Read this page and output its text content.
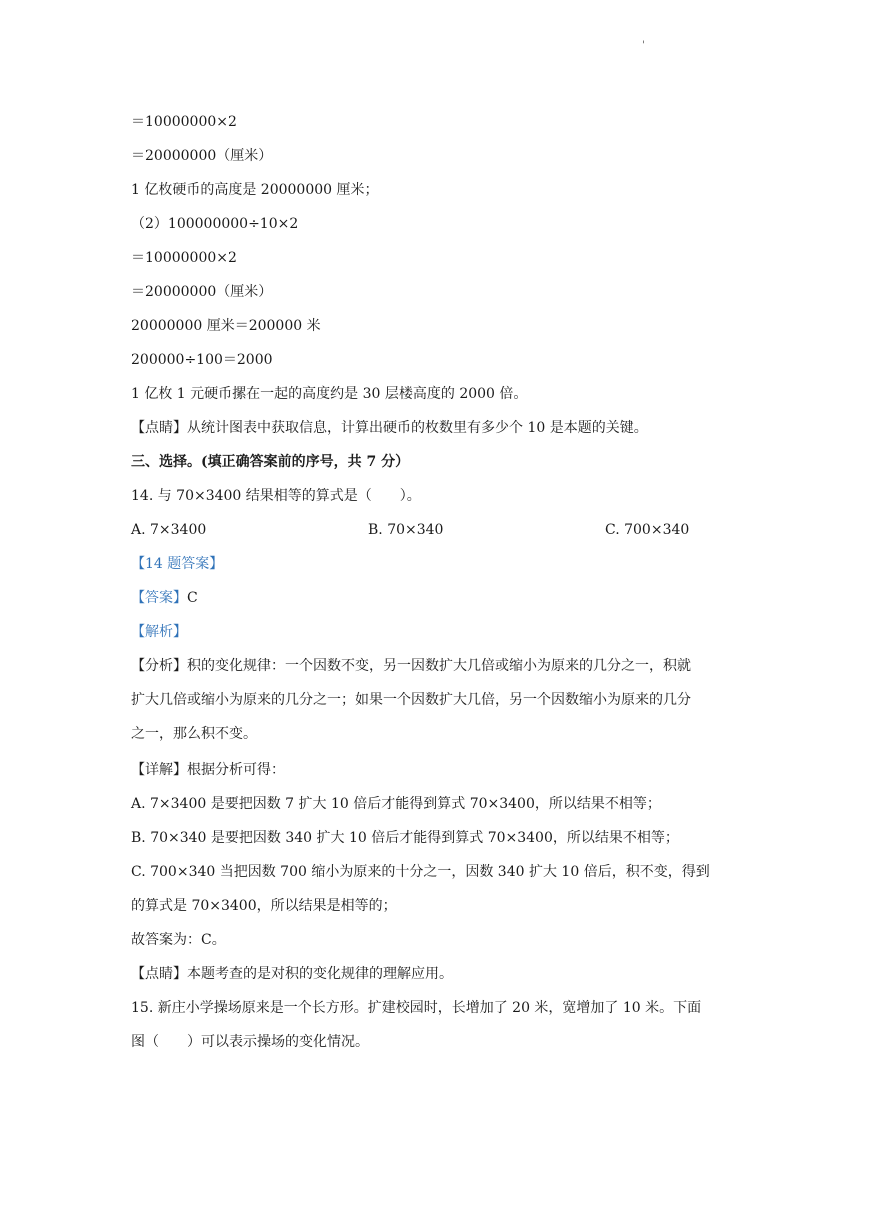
'
＝10000000×2
＝20000000（厘米）
1 亿枚硬币的高度是 20000000 厘米；
（2）100000000÷10×2
＝10000000×2
＝20000000（厘米）
20000000 厘米＝200000 米
200000÷100＝2000
1 亿枚 1 元硬币摞在一起的高度约是 30 层楼高度的 2000 倍。
【点睛】从统计图表中获取信息，计算出硬币的枚数里有多少个 10 是本题的关键。
三、选择。(填正确答案前的序号，共 7 分）
14. 与 70×3400 结果相等的算式是（　　）。
A. 7×3400	B. 70×340	C. 700×340
【14 题答案】
【答案】C
【解析】
【分析】积的变化规律：一个因数不变，另一因数扩大几倍或缩小为原来的几分之一，积就
扩大几倍或缩小为原来的几分之一；如果一个因数扩大几倍，另一个因数缩小为原来的几分
之一，那么积不变。
【详解】根据分析可得：
A. 7×3400 是要把因数 7 扩大 10 倍后才能得到算式 70×3400，所以结果不相等；
B. 70×340 是要把因数 340 扩大 10 倍后才能得到算式 70×3400，所以结果不相等；
C. 700×340 当把因数 700 缩小为原来的十分之一，因数 340 扩大 10 倍后，积不变，得到
的算式是 70×3400，所以结果是相等的；
故答案为：C。
【点睛】本题考查的是对积的变化规律的理解应用。
15. 新庄小学操场原来是一个长方形。扩建校园时，长增加了 20 米，宽增加了 10 米。下面
图（　　）可以表示操场的变化情况。
